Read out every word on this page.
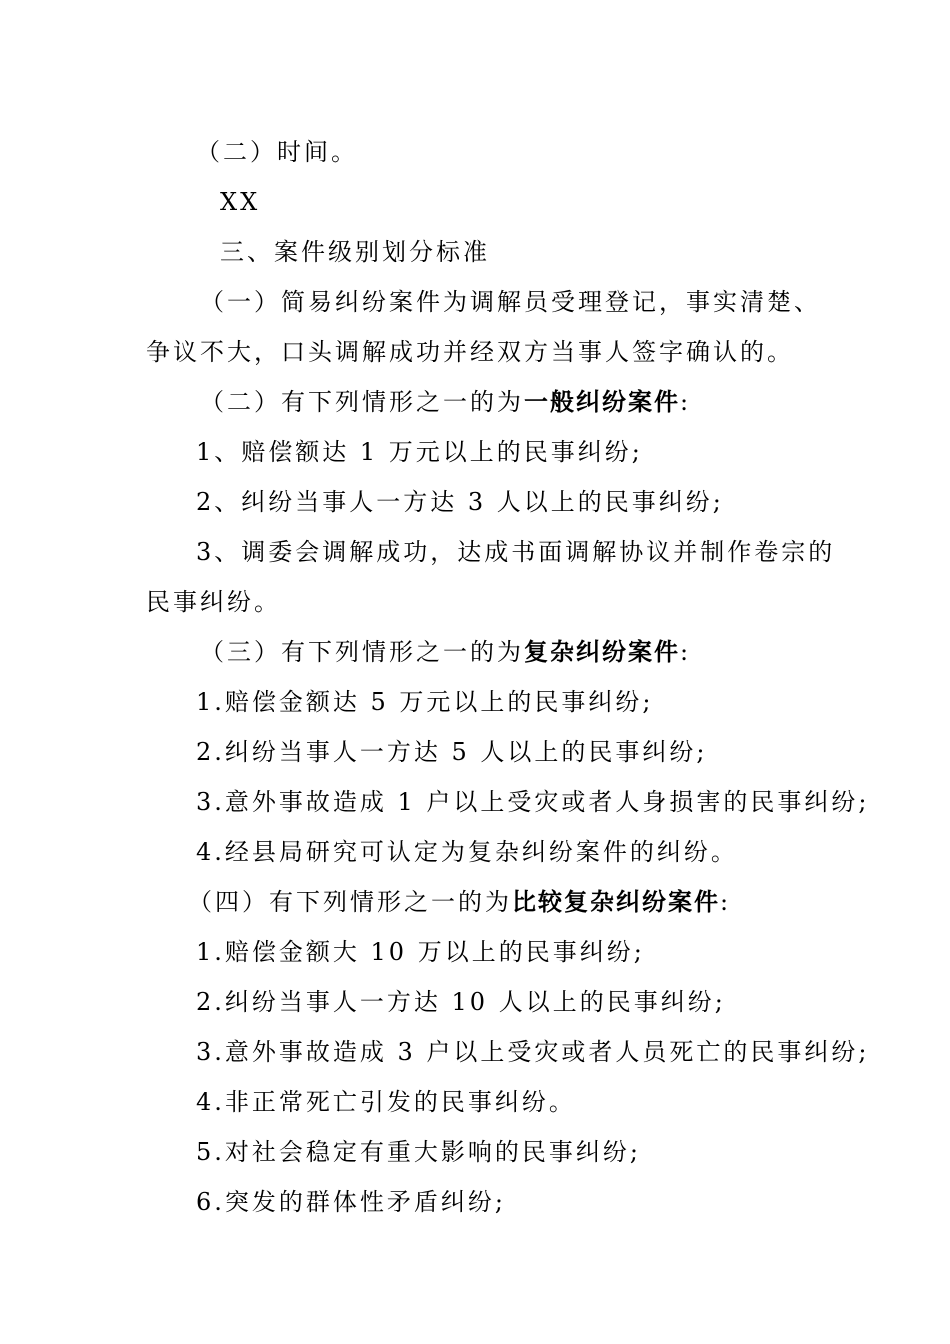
（二）时间。
XX
三、案件级别划分标准
（一）简易纠纷案件为调解员受理登记，事实清楚、
争议不大，口头调解成功并经双方当事人签字确认的。
（二）有下列情形之一的为一般纠纷案件:
1、赔偿额达 1 万元以上的民事纠纷;
2、纠纷当事人一方达 3 人以上的民事纠纷;
3、调委会调解成功，达成书面调解协议并制作卷宗的
民事纠纷。
（三）有下列情形之一的为复杂纠纷案件:
1.赔偿金额达 5 万元以上的民事纠纷;
2.纠纷当事人一方达 5 人以上的民事纠纷;
3.意外事故造成 1 户以上受灾或者人身损害的民事纠纷;
4.经县局研究可认定为复杂纠纷案件的纠纷。
（四）有下列情形之一的为比较复杂纠纷案件:
1.赔偿金额大 10 万以上的民事纠纷;
2.纠纷当事人一方达 10 人以上的民事纠纷;
3.意外事故造成 3 户以上受灾或者人员死亡的民事纠纷;
4.非正常死亡引发的民事纠纷。
5.对社会稳定有重大影响的民事纠纷;
6.突发的群体性矛盾纠纷;
